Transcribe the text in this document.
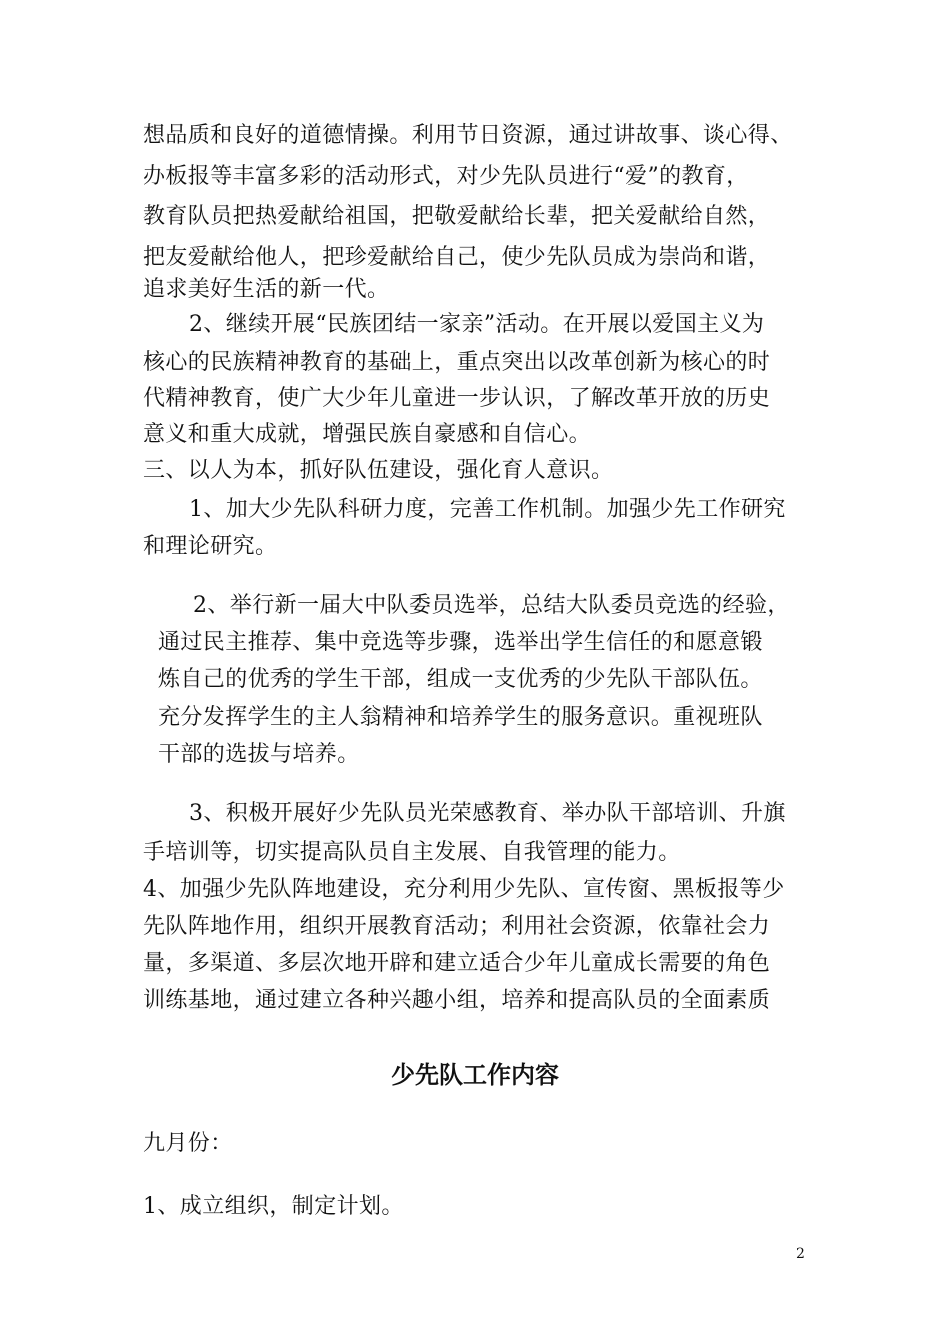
想品质和良好的道德情操。利用节日资源，通过讲故事、谈心得、
办板报等丰富多彩的活动形式，对少先队员进行“爱”的教育，
教育队员把热爱献给祖国，把敬爱献给长辈，把关爱献给自然，
把友爱献给他人，把珍爱献给自己，使少先队员成为崇尚和谐，
追求美好生活的新一代。
2、继续开展“民族团结一家亲”活动。在开展以爱国主义为
核心的民族精神教育的基础上，重点突出以改革创新为核心的时
代精神教育，使广大少年儿童进一步认识，了解改革开放的历史
意义和重大成就，增强民族自豪感和自信心。
三、以人为本，抓好队伍建设，强化育人意识。
1、加大少先队科研力度，完善工作机制。加强少先工作研究
和理论研究。
2、举行新一届大中队委员选举，总结大队委员竞选的经验，
通过民主推荐、集中竞选等步骤，选举出学生信任的和愿意锻
炼自己的优秀的学生干部，组成一支优秀的少先队干部队伍。
充分发挥学生的主人翁精神和培养学生的服务意识。重视班队
干部的选拔与培养。
3、积极开展好少先队员光荣感教育、举办队干部培训、升旗
手培训等，切实提高队员自主发展、自我管理的能力。
4、加强少先队阵地建设，充分利用少先队、宣传窗、黑板报等少
先队阵地作用，组织开展教育活动；利用社会资源，依靠社会力
量，多渠道、多层次地开辟和建立适合少年儿童成长需要的角色
训练基地，通过建立各种兴趣小组，培养和提高队员的全面素质
少先队工作内容
九月份：
1、成立组织，制定计划。
2
